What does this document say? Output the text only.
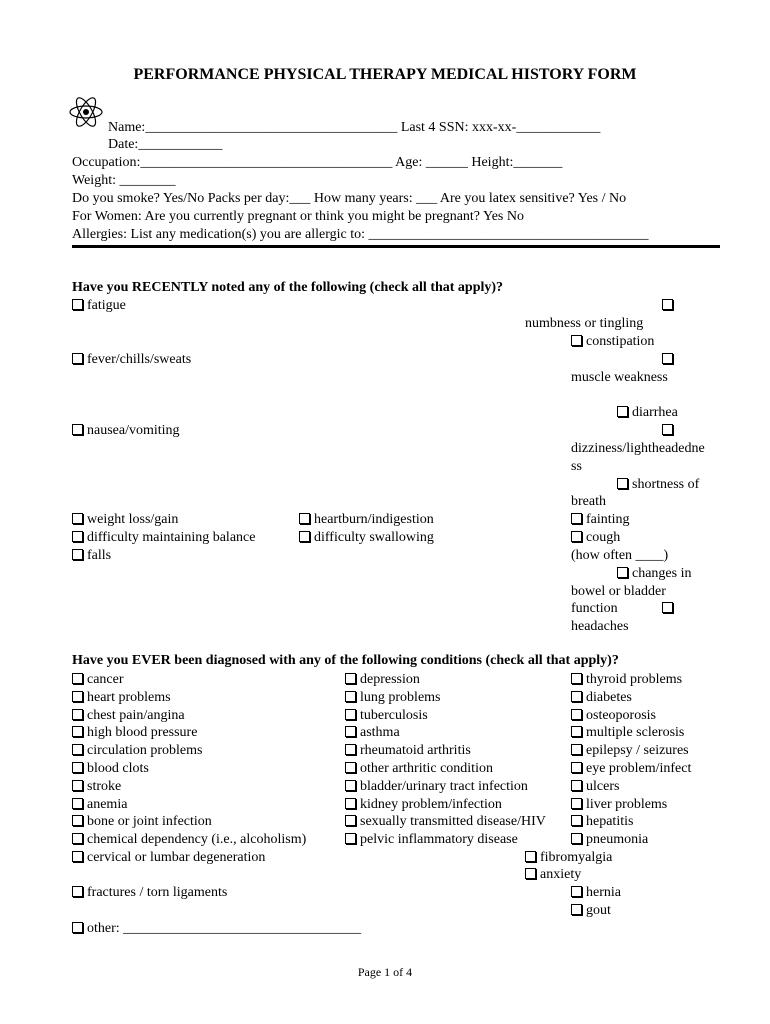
PERFORMANCE PHYSICAL THERAPY MEDICAL HISTORY FORM
Name:____________________________________ Last 4 SSN: xxx-xx-____________
Date:____________
Occupation:____________________________________ Age: ______ Height:_______
Weight: ________
Do you smoke? Yes/No Packs per day:___ How many years: ___ Are you latex sensitive? Yes / No
For Women: Are you currently pregnant or think you might be pregnant? Yes No
Allergies: List any medication(s) you are allergic to: ________________________________________
Have you RECENTLY noted any of the following (check all that apply)?
fatigue
numbness or tingling
constipation
fever/chills/sweats
muscle weakness
diarrhea
nausea/vomiting
dizziness/lightheadedne
ss
shortness of
breath
weight loss/gain	heartburn/indigestion	fainting
difficulty maintaining balance	difficulty swallowing	cough
falls	(how often ____)
changes in
bowel or bladder
function
headaches
Have you EVER been diagnosed with any of the following conditions (check all that apply)?
cancer
heart problems
chest pain/angina
high blood pressure
circulation problems
blood clots
stroke
anemia
bone or joint infection
chemical dependency (i.e., alcoholism)
cervical or lumbar degeneration
depression
lung problems
tuberculosis
asthma
rheumatoid arthritis
other arthritic condition
bladder/urinary tract infection
kidney problem/infection
sexually transmitted disease/HIV
pelvic inflammatory disease
thyroid problems
diabetes
osteoporosis
multiple sclerosis
epilepsy / seizures
eye problem/infect
ulcers
liver problems
hepatitis
pneumonia
fibromyalgia
anxiety
fractures / torn ligaments	hernia
gout
other: __________________________________
Page 1 of 4
